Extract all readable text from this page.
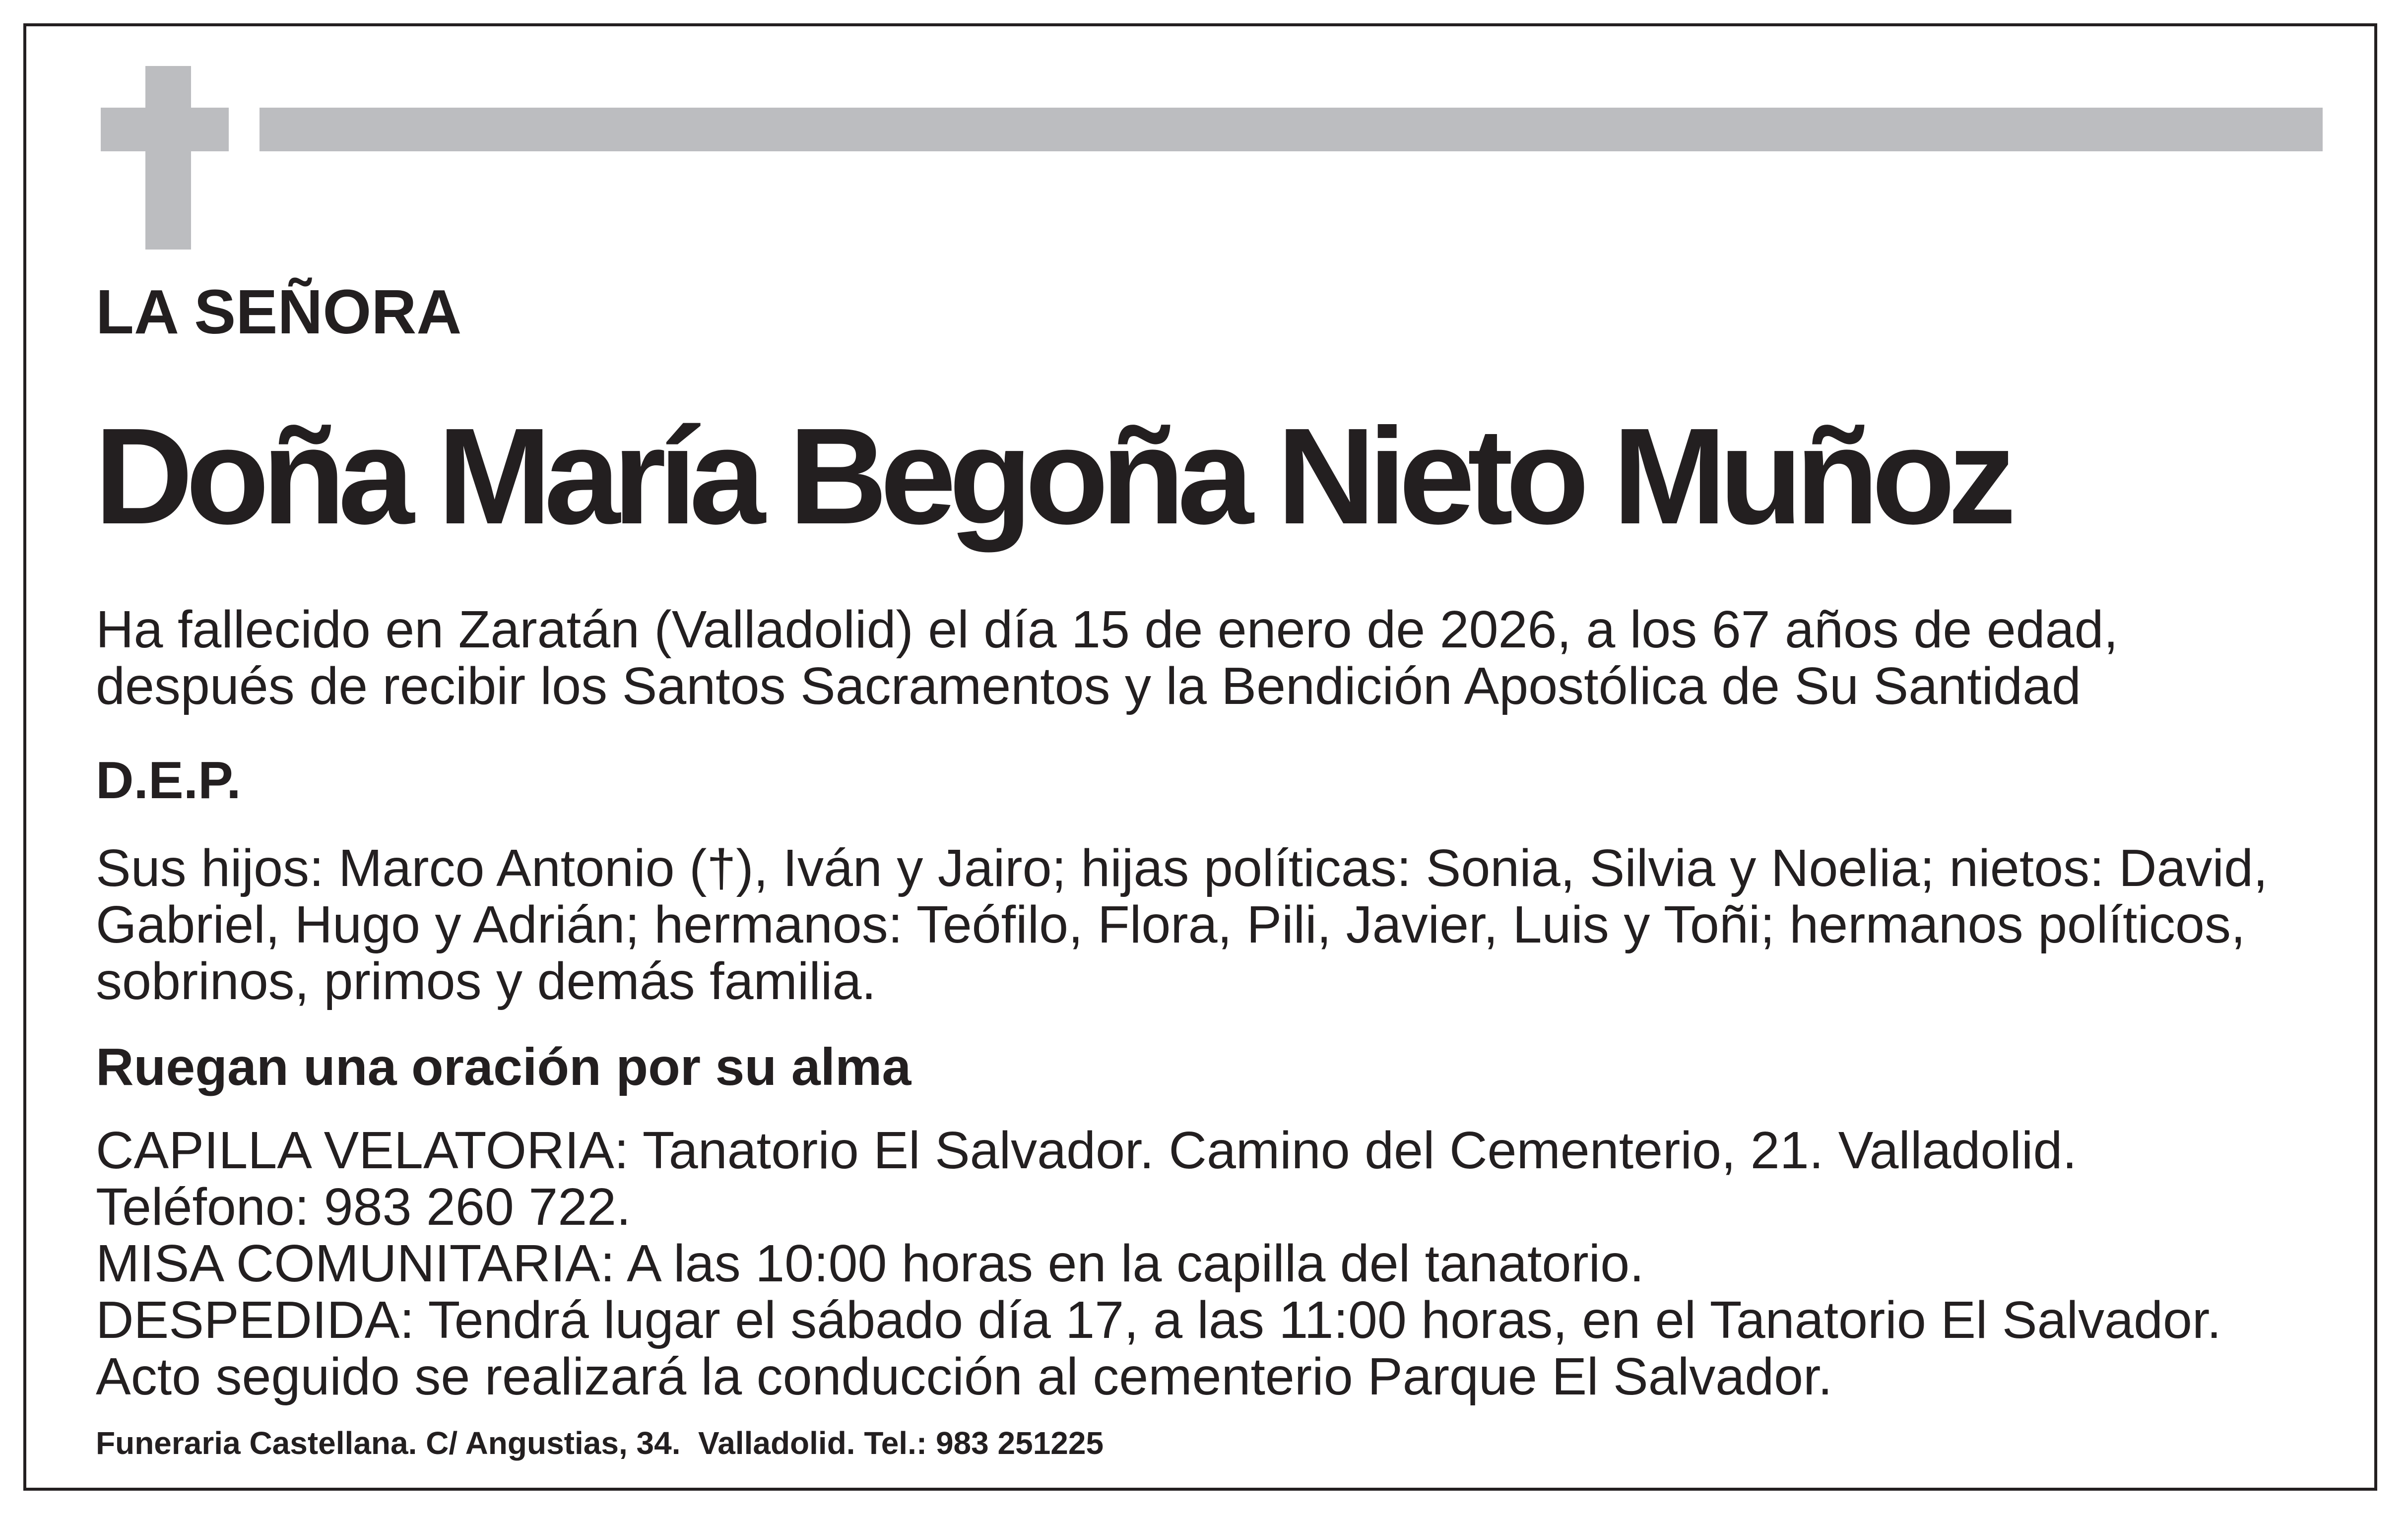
LA SEÑORA
Doña María Begoña Nieto Muñoz
Ha fallecido en Zaratán (Valladolid) el día 15 de enero de 2026, a los 67 años de edad,
después de recibir los Santos Sacramentos y la Bendición Apostólica de Su Santidad
D.E.P.
Sus hijos: Marco Antonio (†), Iván y Jairo; hijas políticas: Sonia, Silvia y Noelia; nietos: David,
Gabriel, Hugo y Adrián; hermanos: Teófilo, Flora, Pili, Javier, Luis y Toñi; hermanos políticos,
sobrinos, primos y demás familia.
Ruegan una oración por su alma
CAPILLA VELATORIA: Tanatorio El Salvador. Camino del Cementerio, 21. Valladolid.
Teléfono: 983 260 722.
MISA COMUNITARIA: A las 10:00 horas en la capilla del tanatorio.
DESPEDIDA: Tendrá lugar el sábado día 17, a las 11:00 horas, en el Tanatorio El Salvador.
Acto seguido se realizará la conducción al cementerio Parque El Salvador.
Funeraria Castellana. C/ Angustias, 34.  Valladolid. Tel.: 983 251225
